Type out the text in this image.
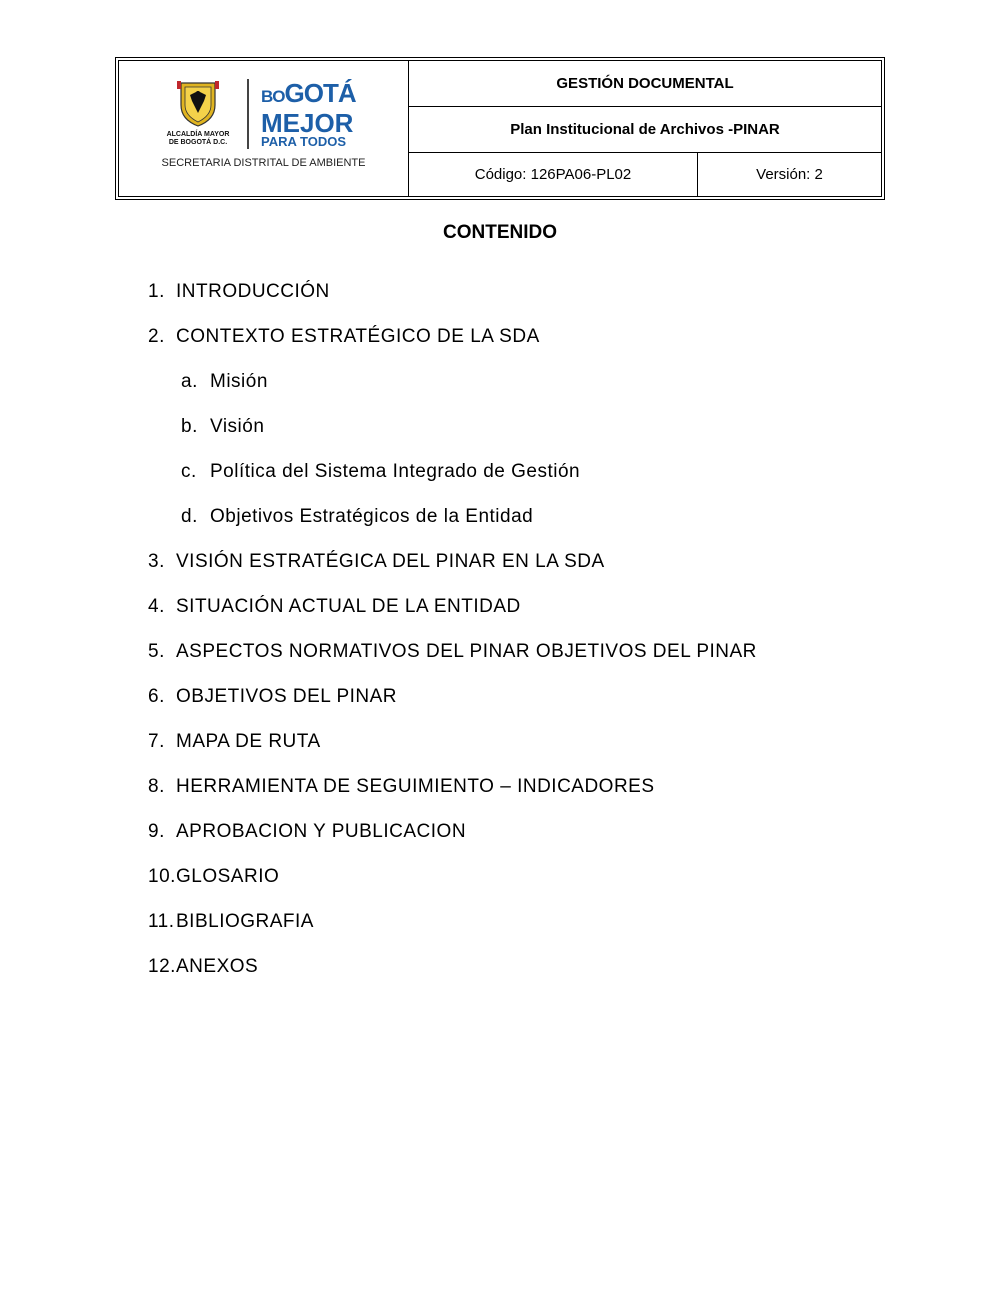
ALCALDÍA MAYOR
DE BOGOTÁ D.C.
BOGOTÁ
MEJOR
PARA TODOS
SECRETARIA DISTRITAL DE AMBIENTE
GESTIÓN DOCUMENTAL
Plan Institucional de Archivos -PINAR
Código: 126PA06-PL02	Versión: 2
CONTENIDO
1. INTRODUCCIÓN
2. CONTEXTO ESTRATÉGICO DE LA SDA
a. Misión
b. Visión
c. Política del Sistema Integrado de Gestión
d. Objetivos Estratégicos de la Entidad
3. VISIÓN ESTRATÉGICA DEL PINAR EN LA SDA
4. SITUACIÓN ACTUAL DE LA ENTIDAD
5. ASPECTOS NORMATIVOS DEL PINAR OBJETIVOS DEL PINAR
6. OBJETIVOS DEL PINAR
7. MAPA DE RUTA
8. HERRAMIENTA DE SEGUIMIENTO – INDICADORES
9. APROBACION Y PUBLICACION
10.GLOSARIO
11.BIBLIOGRAFIA
12.ANEXOS
